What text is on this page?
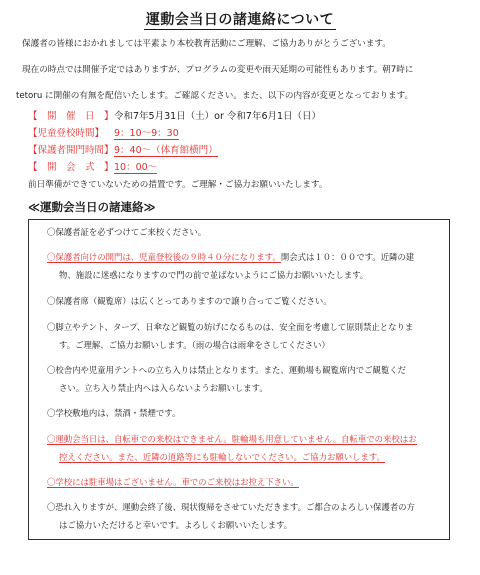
運動会当日の諸連絡について
保護者の皆様におかれましては平素より本校教育活動にご理解、ご協力ありがとうございます。
現在の時点では開催予定ではありますが、プログラムの変更や雨天延期の可能性もあります。朝7時に
tetoru に開催の有無を配信いたします。ご確認ください。また、以下の内容が変更となっております。
【　開　催　日　】令和7年5月31日（土）or 令和7年6月1日（日）
【児童登校時間】 9：10～9：30
【保護者開門時間】9：40～（体育館横門）
【　開　会　式　】10：00～
前日準備ができていないための措置です。ご理解・ご協力お願いいたします。
≪運動会当日の諸連絡≫
〇保護者証を必ずつけてご来校ください。
〇保護者向けの開門は、児童登校後の９時４０分になります。開会式は１０：００です。近隣の建
物、施設に迷惑になりますので門の前で並ばないようにご協力お願いいたします。
〇保護者席（観覧席）は広くとってありますので譲り合ってご覧ください。
〇脚立やテント、タープ、日傘など観覧の妨げになるものは、安全面を考慮して原則禁止となりま
す。ご理解、ご協力お願いします。（雨の場合は雨傘をさしてください）
〇校舎内や児童用テントへの立ち入りは禁止となります。また、運動場も観覧席内でご観覧くだ
さい。立ち入り禁止内へは入らないようお願いします。
〇学校敷地内は、禁酒・禁煙です。
〇運動会当日は、自転車での来校はできません。駐輪場も用意していません。自転車での来校はお
控えください。また、近隣の道路等にも駐輪しないでください。ご協力お願いします。
〇学校には駐車場はございません。車でのご来校はお控え下さい。
〇恐れ入りますが、運動会終了後、現状復帰をさせていただきます。ご都合のよろしい保護者の方
はご協力いただけると幸いです。よろしくお願いいたします。
